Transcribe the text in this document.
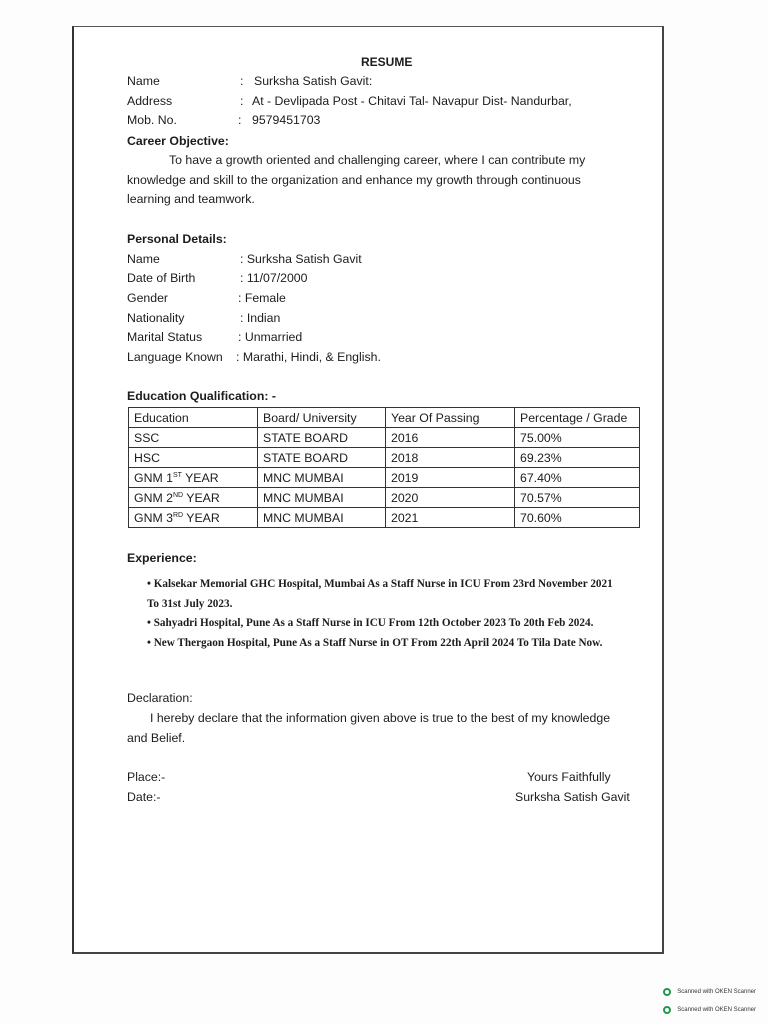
RESUME
Name	: Surksha Satish Gavit:
Address	: At - Devlipada Post - Chitavi Tal- Navapur Dist- Nandurbar,
Mob. No.	: 9579451703
Career Objective:
To have a growth oriented and challenging career, where I can contribute my
knowledge and skill to the organization and enhance my growth through continuous
learning and teamwork.
Personal Details:
Name	: Surksha Satish Gavit
Date of Birth	: 11/07/2000
Gender	: Female
Nationality	: Indian
Marital Status	: Unmarried
Language Known : Marathi, Hindi, & English.
Education Qualification: -
Education	Board/ University	Year Of Passing	Percentage / Grade
SSC	STATE BOARD	2016	75.00%
HSC	STATE BOARD	2018	69.23%
GNM 1ST YEAR	MNC MUMBAI	2019	67.40%
GNM 2ND YEAR	MNC MUMBAI	2020	70.57%
GNM 3RD YEAR	MNC MUMBAI	2021	70.60%
Experience:
• Kalsekar Memorial GHC Hospital, Mumbai As a Staff Nurse in ICU From 23rd November 2021
To 31st July 2023.
• Sahyadri Hospital, Pune As a Staff Nurse in ICU From 12th October 2023 To 20th Feb 2024.
• New Thergaon Hospital, Pune As a Staff Nurse in OT From 22th April 2024 To Tila Date Now.
Declaration:
I hereby declare that the information given above is true to the best of my knowledge
and Belief.
Place:-
Date:-
Yours Faithfully
Surksha Satish Gavit
Scanned with OKEN Scanner
Scanned with OKEN Scanner
